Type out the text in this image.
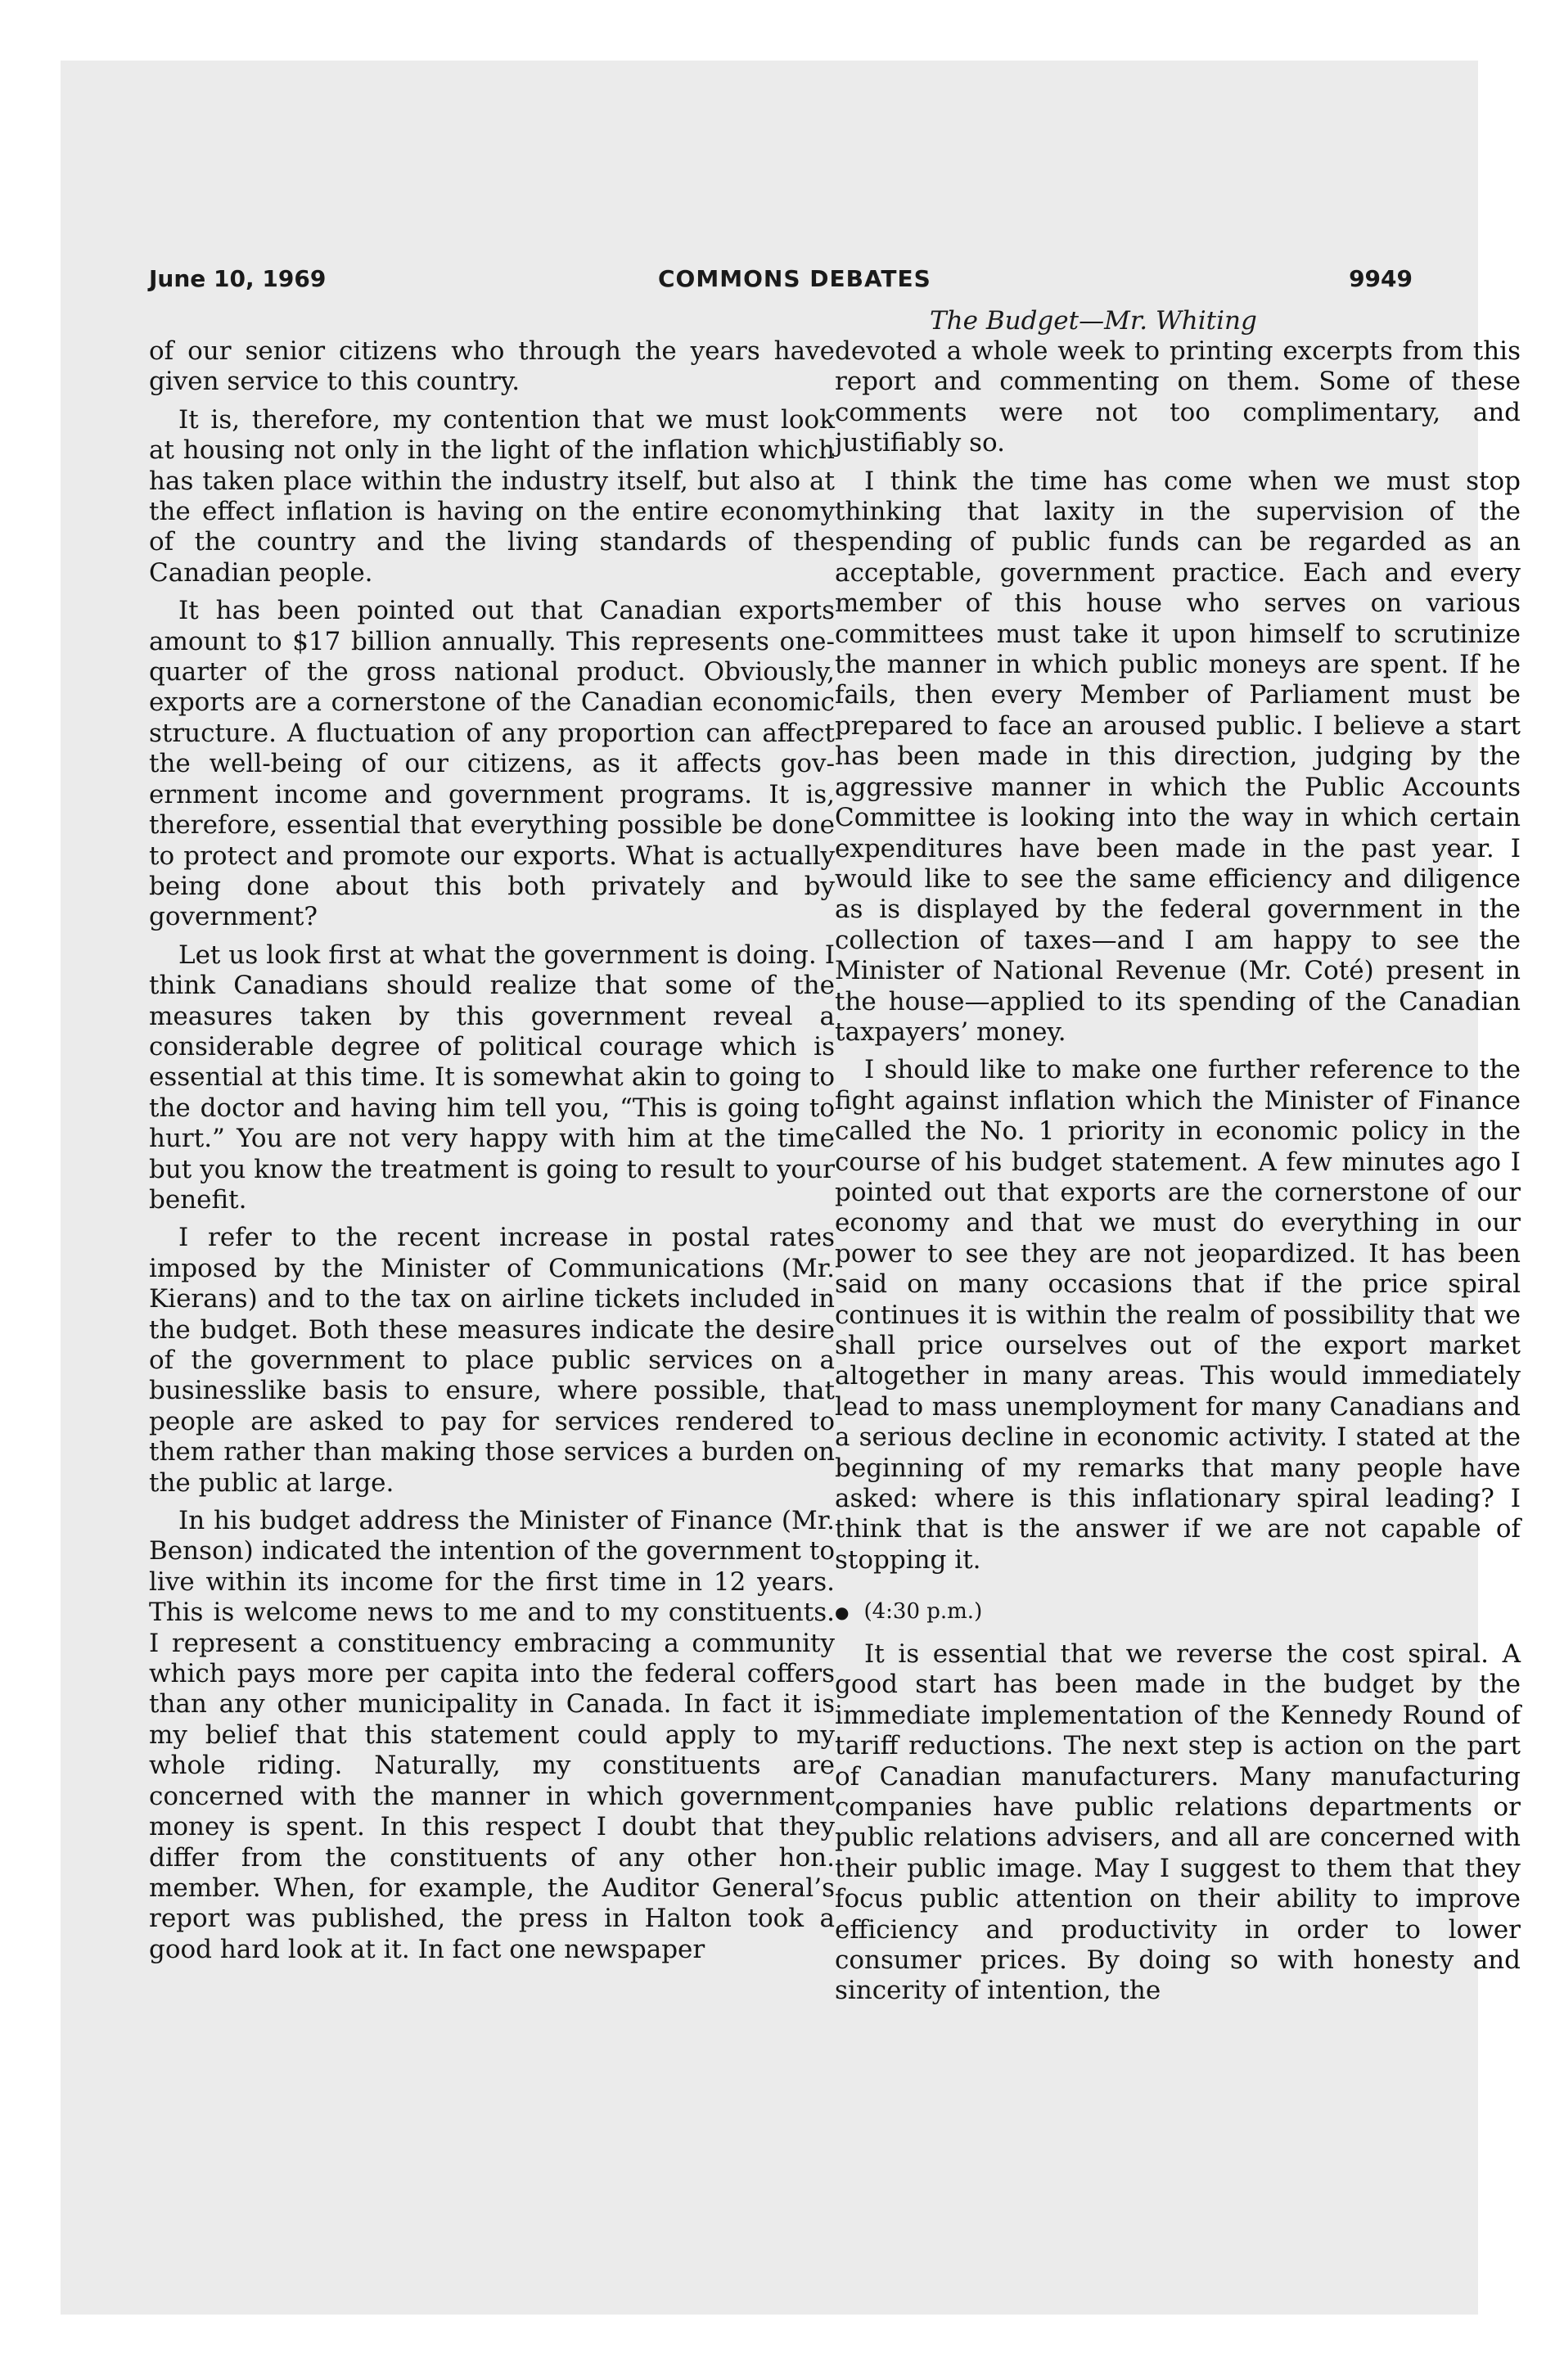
June 10, 1969	COMMONS DEBATES	9949
The Budget—Mr. Whiting

of our senior citizens who through the years have given service to this country.

It is, therefore, my contention that we must look at housing not only in the light of the inflation which has taken place within the industry itself, but also at the effect inflation is having on the entire economy of the country and the living standards of the Canadian people.

It has been pointed out that Canadian exports amount to $17 billion annually. This represents one-quarter of the gross national product. Obviously, exports are a cornerstone of the Canadian economic structure. A fluctuation of any proportion can affect the well-being of our citizens, as it affects government income and government programs. It is, therefore, essential that everything possible be done to protect and promote our exports. What is actually being done about this both privately and by government?

Let us look first at what the government is doing. I think Canadians should realize that some of the measures taken by this government reveal a considerable degree of political courage which is essential at this time. It is somewhat akin to going to the doctor and having him tell you, “This is going to hurt.” You are not very happy with him at the time but you know the treatment is going to result to your benefit.

I refer to the recent increase in postal rates imposed by the Minister of Communications (Mr. Kierans) and to the tax on airline tickets included in the budget. Both these measures indicate the desire of the government to place public services on a businesslike basis to ensure, where possible, that people are asked to pay for services rendered to them rather than making those services a burden on the public at large.

In his budget address the Minister of Finance (Mr. Benson) indicated the intention of the government to live within its income for the first time in 12 years. This is welcome news to me and to my constituents. I represent a constituency embracing a community which pays more per capita into the federal coffers than any other municipality in Canada. In fact it is my belief that this statement could apply to my whole riding. Naturally, my constituents are concerned with the manner in which government money is spent. In this respect I doubt that they differ from the constituents of any other hon. member. When, for example, the Auditor General’s report was published, the press in Halton took a good hard look at it. In fact one newspaper

devoted a whole week to printing excerpts from this report and commenting on them. Some of these comments were not too complimentary, and justifiably so.

I think the time has come when we must stop thinking that laxity in the supervision of the spending of public funds can be regarded as an acceptable, government practice. Each and every member of this house who serves on various committees must take it upon himself to scrutinize the manner in which public moneys are spent. If he fails, then every Member of Parliament must be prepared to face an aroused public. I believe a start has been made in this direction, judging by the aggressive manner in which the Public Accounts Committee is looking into the way in which certain expenditures have been made in the past year. I would like to see the same efficiency and diligence as is displayed by the federal government in the collection of taxes—and I am happy to see the Minister of National Revenue (Mr. Coté) present in the house—applied to its spending of the Canadian taxpayers’ money.

I should like to make one further reference to the fight against inflation which the Minister of Finance called the No. 1 priority in economic policy in the course of his budget statement. A few minutes ago I pointed out that exports are the cornerstone of our economy and that we must do everything in our power to see they are not jeopardized. It has been said on many occasions that if the price spiral continues it is within the realm of possibility that we shall price ourselves out of the export market altogether in many areas. This would immediately lead to mass unemployment for many Canadians and a serious decline in economic activity. I stated at the beginning of my remarks that many people have asked: where is this inflationary spiral leading? I think that is the answer if we are not capable of stopping it.

● (4:30 p.m.)

It is essential that we reverse the cost spiral. A good start has been made in the budget by the immediate implementation of the Kennedy Round of tariff reductions. The next step is action on the part of Canadian manufacturers. Many manufacturing companies have public relations departments or public relations advisers, and all are concerned with their public image. May I suggest to them that they focus public attention on their ability to improve efficiency and productivity in order to lower consumer prices. By doing so with honesty and sincerity of intention, the
